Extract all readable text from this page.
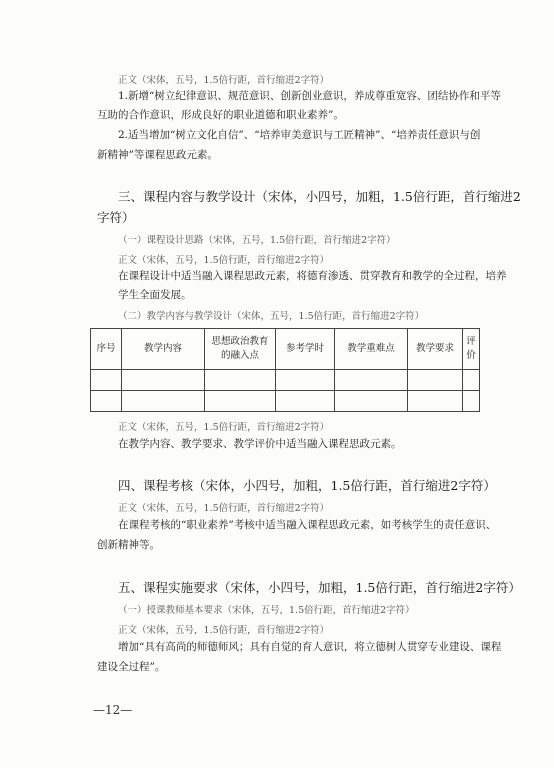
正文（宋体，五号，1.5倍行距，首行缩进2字符）
1.新增“树立纪律意识、规范意识、创新创业意识，养成尊重宽容、团结协作和平等
互助的合作意识，形成良好的职业道德和职业素养”。
2.适当增加“树立文化自信”、“培养审美意识与工匠精神”、“培养责任意识与创
新精神”等课程思政元素。
三、课程内容与教学设计（宋体，小四号，加粗，1.5倍行距，首行缩进2
字符）
（一）课程设计思路（宋体，五号，1.5倍行距，首行缩进2字符）
正文（宋体，五号，1.5倍行距，首行缩进2字符）
在课程设计中适当融入课程思政元素，将德育渗透、贯穿教育和教学的全过程，培养
学生全面发展。
（二）教学内容与教学设计（宋体，五号，1.5倍行距，首行缩进2字符）
序号	教学内容	思想政治教育
的融入点	参考学时	教学重难点	教学要求	评价

正文（宋体，五号，1.5倍行距，首行缩进2字符）
在教学内容、教学要求、教学评价中适当融入课程思政元素。
四、课程考核（宋体，小四号，加粗，1.5倍行距，首行缩进2字符）
正文（宋体，五号，1.5倍行距，首行缩进2字符）
在课程考核的“职业素养”考核中适当融入课程思政元素，如考核学生的责任意识、
创新精神等。
五、课程实施要求（宋体，小四号，加粗，1.5倍行距，首行缩进2字符）
（一）授课教师基本要求（宋体，五号，1.5倍行距，首行缩进2字符）
正文（宋体，五号，1.5倍行距，首行缩进2字符）
增加“具有高尚的师德师风；具有自觉的育人意识，将立德树人贯穿专业建设、课程
建设全过程”。
—12—
